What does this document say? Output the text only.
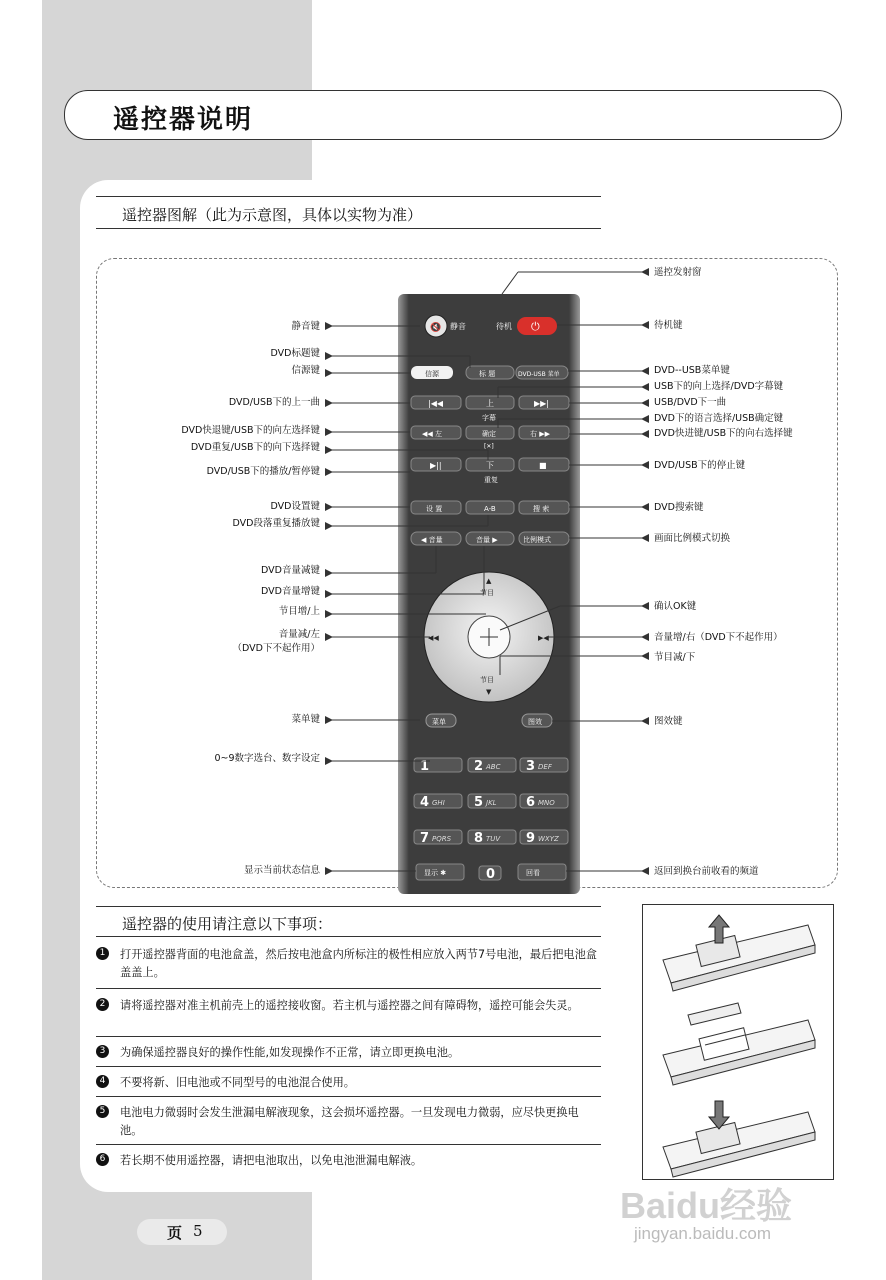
遥控器说明
遥控器图解（此为示意图，具体以实物为准）
🔇 静音	待机 ⏻
标 题	DVD-USB 菜单
信源
|◀◀	上	▶▶|
字幕
◀◀ 左	确定	右 ▶▶
[✕]
▶||	下	■
重复
设 置	A-B	搜 索
◀ 音量	音量 ▶	比例模式
▲
节目
节目
▼
◀◀	▶◀
菜单	图效
1	2 ABC 3 DEF
4 GHI 5 JKL 6 MNO
7 PQRS 8 TUV 9 WXYZ
0
显示 ✱	回看
静音键
DVD标题键
信源键
DVD/USB下的上一曲
DVD快退键/USB下的向左选择键
DVD重复/USB下的向下选择键
DVD/USB下的播放/暂停键
DVD设置键
DVD段落重复播放键
DVD音量减键
DVD音量增键
节目增/上
音量减/左
（DVD下不起作用）
菜单键
0~9数字选台、数字设定
显示当前状态信息
遥控发射窗
待机键
DVD--USB菜单键
USB下的向上选择/DVD字幕键
USB/DVD下一曲
DVD下的语言选择/USB确定键
DVD快进键/USB下的向右选择键
DVD/USB下的停止键
DVD搜索键
画面比例模式切换
确认OK键
音量增/右（DVD下不起作用）
节目减/下
图效键
返回到换台前收看的频道
遥控器的使用请注意以下事项：
1	打开遥控器背面的电池盒盖，然后按电池盒内所标注的极性相应放入两节7号电池，最后把电池盒盖盖上。
2	请将遥控器对准主机前壳上的遥控接收窗。若主机与遥控器之间有障碍物，遥控可能会失灵。
3	为确保遥控器良好的操作性能,如发现操作不正常，请立即更换电池。
4	不要将新、旧电池或不同型号的电池混合使用。
5	电池电力微弱时会发生泄漏电解液现象，这会损坏遥控器。一旦发现电力微弱，应尽快更换电池。
6	若长期不使用遥控器，请把电池取出，以免电池泄漏电解液。
Baidu经验
jingyan.baidu.com
页 5
